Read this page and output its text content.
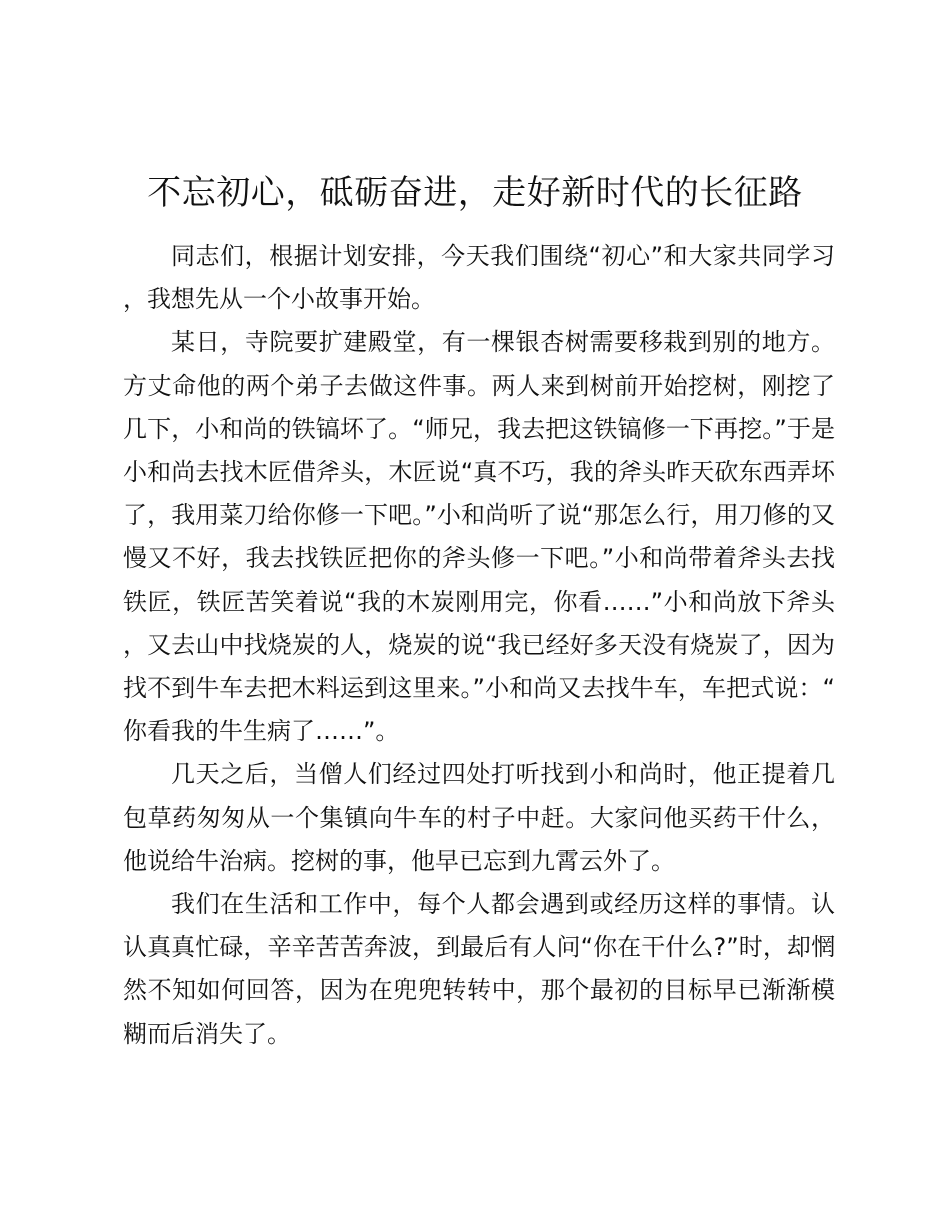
不忘初心，砥砺奋进，走好新时代的长征路

同志们，根据计划安排，今天我们围绕“初心”和大家共同学习，我想先从一个小故事开始。

某日，寺院要扩建殿堂，有一棵银杏树需要移栽到别的地方。方丈命他的两个弟子去做这件事。两人来到树前开始挖树，刚挖了几下，小和尚的铁镐坏了。“师兄，我去把这铁镐修一下再挖。”于是小和尚去找木匠借斧头，木匠说“真不巧，我的斧头昨天砍东西弄坏了，我用菜刀给你修一下吧。”小和尚听了说“那怎么行，用刀修的又慢又不好，我去找铁匠把你的斧头修一下吧。”小和尚带着斧头去找铁匠，铁匠苦笑着说“我的木炭刚用完，你看……”小和尚放下斧头，又去山中找烧炭的人，烧炭的说“我已经好多天没有烧炭了，因为找不到牛车去把木料运到这里来。”小和尚又去找牛车，车把式说：“你看我的牛生病了……”。

几天之后，当僧人们经过四处打听找到小和尚时，他正提着几包草药匆匆从一个集镇向牛车的村子中赶。大家问他买药干什么，他说给牛治病。挖树的事，他早已忘到九霄云外了。

我们在生活和工作中，每个人都会遇到或经历这样的事情。认认真真忙碌，辛辛苦苦奔波，到最后有人问“你在干什么?”时，却惘然不知如何回答，因为在兜兜转转中，那个最初的目标早已渐渐模糊而后消失了。
